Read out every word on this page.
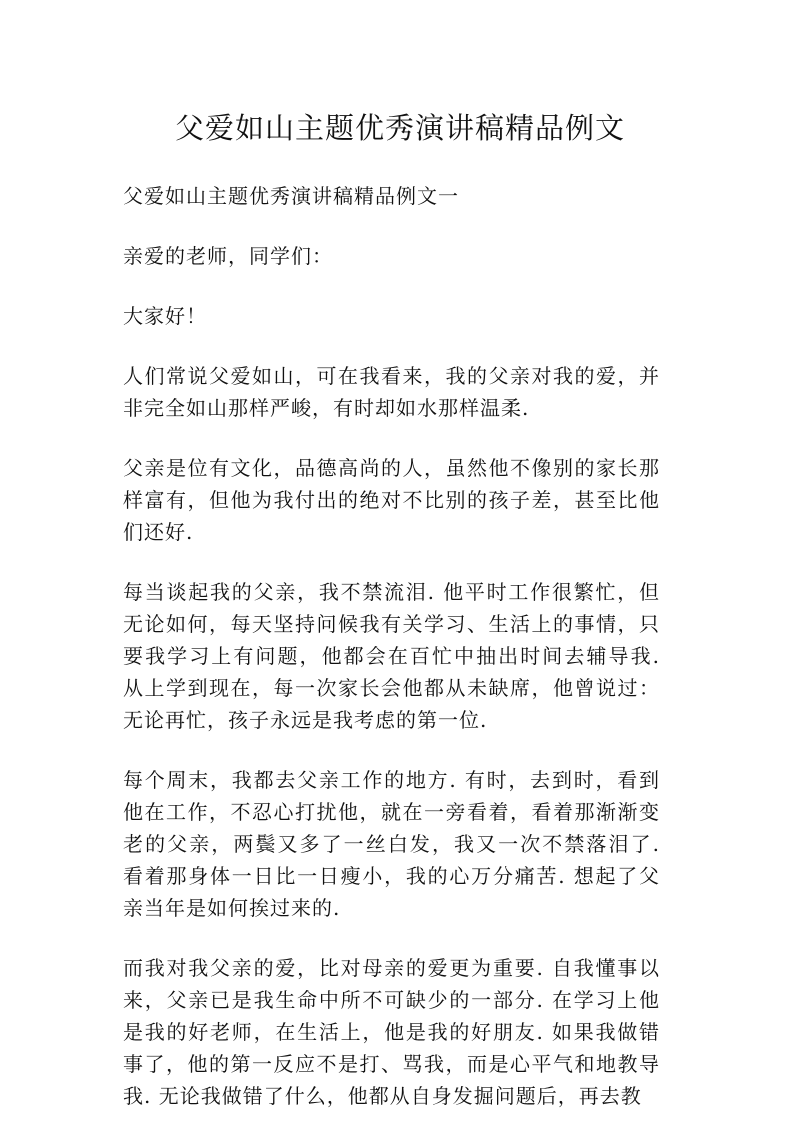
父爱如山主题优秀演讲稿精品例文

父爱如山主题优秀演讲稿精品例文一

亲爱的老师，同学们：

大家好！

人们常说父爱如山，可在我看来，我的父亲对我的爱，并非完全如山那样严峻，有时却如水那样温柔.

父亲是位有文化，品德高尚的人，虽然他不像别的家长那样富有，但他为我付出的绝对不比别的孩子差，甚至比他们还好.

每当谈起我的父亲，我不禁流泪. 他平时工作很繁忙，但无论如何，每天坚持问候我有关学习、生活上的事情，只要我学习上有问题，他都会在百忙中抽出时间去辅导我. 从上学到现在，每一次家长会他都从未缺席，他曾说过：无论再忙，孩子永远是我考虑的第一位.

每个周末，我都去父亲工作的地方. 有时，去到时，看到他在工作，不忍心打扰他，就在一旁看着，看着那渐渐变老的父亲，两鬓又多了一丝白发，我又一次不禁落泪了. 看着那身体一日比一日瘦小，我的心万分痛苦. 想起了父亲当年是如何挨过来的.

而我对我父亲的爱，比对母亲的爱更为重要. 自我懂事以来，父亲已是我生命中所不可缺少的一部分. 在学习上他是我的好老师，在生活上，他是我的好朋友. 如果我做错事了，他的第一反应不是打、骂我，而是心平气和地教导我. 无论我做错了什么，他都从自身发掘问题后，再去教
